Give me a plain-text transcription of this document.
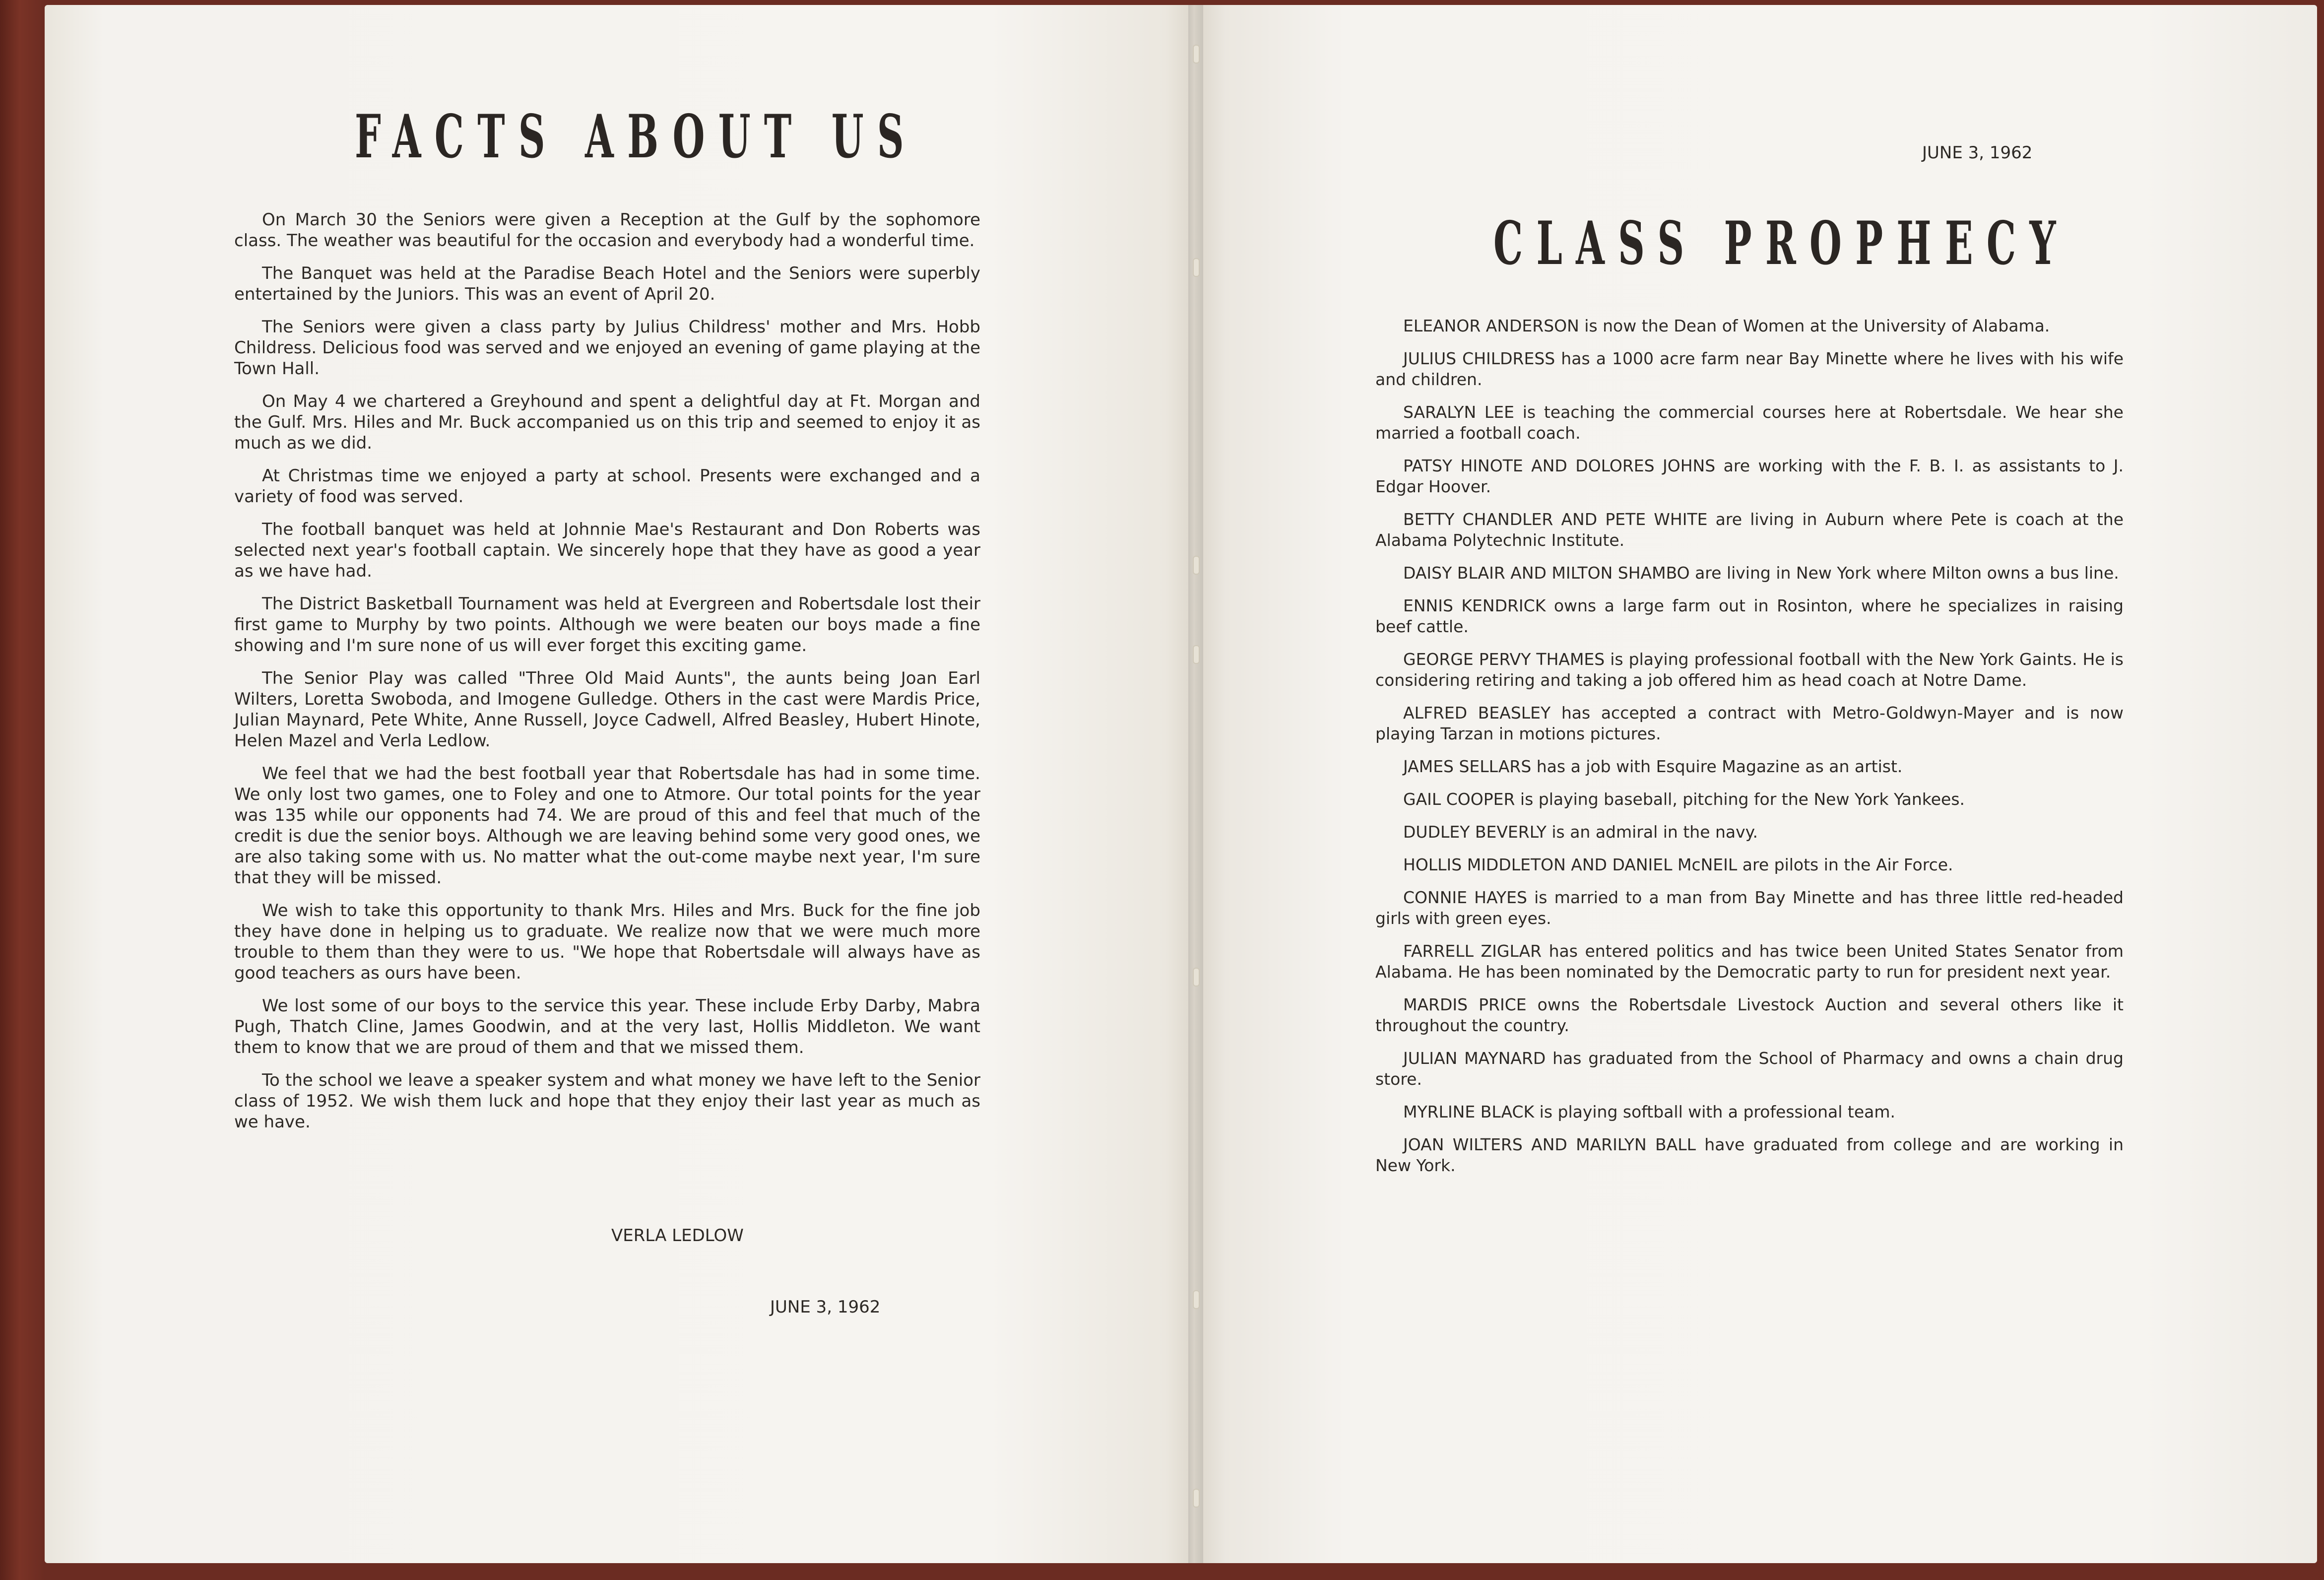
FACTS ABOUT US

On March 30 the Seniors were given a Reception at the Gulf by the sophomore class. The weather was beautiful for the occasion and everybody had a wonderful time.

The Banquet was held at the Paradise Beach Hotel and the Seniors were superbly entertained by the Juniors. This was an event of April 20.

The Seniors were given a class party by Julius Childress' mother and Mrs. Hobb Childress. Delicious food was served and we enjoyed an evening of game playing at the Town Hall.

On May 4 we chartered a Greyhound and spent a delightful day at Ft. Morgan and the Gulf. Mrs. Hiles and Mr. Buck accompanied us on this trip and seemed to enjoy it as much as we did.

At Christmas time we enjoyed a party at school. Presents were exchanged and a variety of food was served.

The football banquet was held at Johnnie Mae's Restaurant and Don Roberts was selected next year's football captain. We sincerely hope that they have as good a year as we have had.

The District Basketball Tournament was held at Evergreen and Robertsdale lost their first game to Murphy by two points. Although we were beaten our boys made a fine showing and I'm sure none of us will ever forget this exciting game.

The Senior Play was called "Three Old Maid Aunts", the aunts being Joan Earl Wilters, Loretta Swoboda, and Imogene Gulledge. Others in the cast were Mardis Price, Julian Maynard, Pete White, Anne Russell, Joyce Cadwell, Alfred Beasley, Hubert Hinote, Helen Mazel and Verla Ledlow.

We feel that we had the best football year that Robertsdale has had in some time. We only lost two games, one to Foley and one to Atmore. Our total points for the year was 135 while our opponents had 74. We are proud of this and feel that much of the credit is due the senior boys. Although we are leaving behind some very good ones, we are also taking some with us. No matter what the out-come maybe next year, I'm sure that they will be missed.

We wish to take this opportunity to thank Mrs. Hiles and Mrs. Buck for the fine job they have done in helping us to graduate. We realize now that we were much more trouble to them than they were to us. "We hope that Robertsdale will always have as good teachers as ours have been.

We lost some of our boys to the service this year. These include Erby Darby, Mabra Pugh, Thatch Cline, James Goodwin, and at the very last, Hollis Middleton. We want them to know that we are proud of them and that we missed them.

To the school we leave a speaker system and what money we have left to the Senior class of 1952. We wish them luck and hope that they enjoy their last year as much as we have.

VERLA LEDLOW
JUNE 3, 1962
JUNE 3, 1962
CLASS PROPHECY

ELEANOR ANDERSON is now the Dean of Women at the University of Alabama.

JULIUS CHILDRESS has a 1000 acre farm near Bay Minette where he lives with his wife and children.

SARALYN LEE is teaching the commercial courses here at Robertsdale. We hear she married a football coach.

PATSY HINOTE AND DOLORES JOHNS are working with the F. B. I. as assistants to J. Edgar Hoover.

BETTY CHANDLER AND PETE WHITE are living in Auburn where Pete is coach at the Alabama Polytechnic Institute.

DAISY BLAIR AND MILTON SHAMBO are living in New York where Milton owns a bus line.

ENNIS KENDRICK owns a large farm out in Rosinton, where he specializes in raising beef cattle.

GEORGE PERVY THAMES is playing professional football with the New York Gaints. He is considering retiring and taking a job offered him as head coach at Notre Dame.

ALFRED BEASLEY has accepted a contract with Metro-Goldwyn-Mayer and is now playing Tarzan in motions pictures.

JAMES SELLARS has a job with Esquire Magazine as an artist.

GAIL COOPER is playing baseball, pitching for the New York Yankees.

DUDLEY BEVERLY is an admiral in the navy.

HOLLIS MIDDLETON AND DANIEL McNEIL are pilots in the Air Force.

CONNIE HAYES is married to a man from Bay Minette and has three little red-headed girls with green eyes.

FARRELL ZIGLAR has entered politics and has twice been United States Senator from Alabama. He has been nominated by the Democratic party to run for president next year.

MARDIS PRICE owns the Robertsdale Livestock Auction and several others like it throughout the country.

JULIAN MAYNARD has graduated from the School of Pharmacy and owns a chain drug store.

MYRLINE BLACK is playing softball with a professional team.

JOAN WILTERS AND MARILYN BALL have graduated from college and are working in New York.
